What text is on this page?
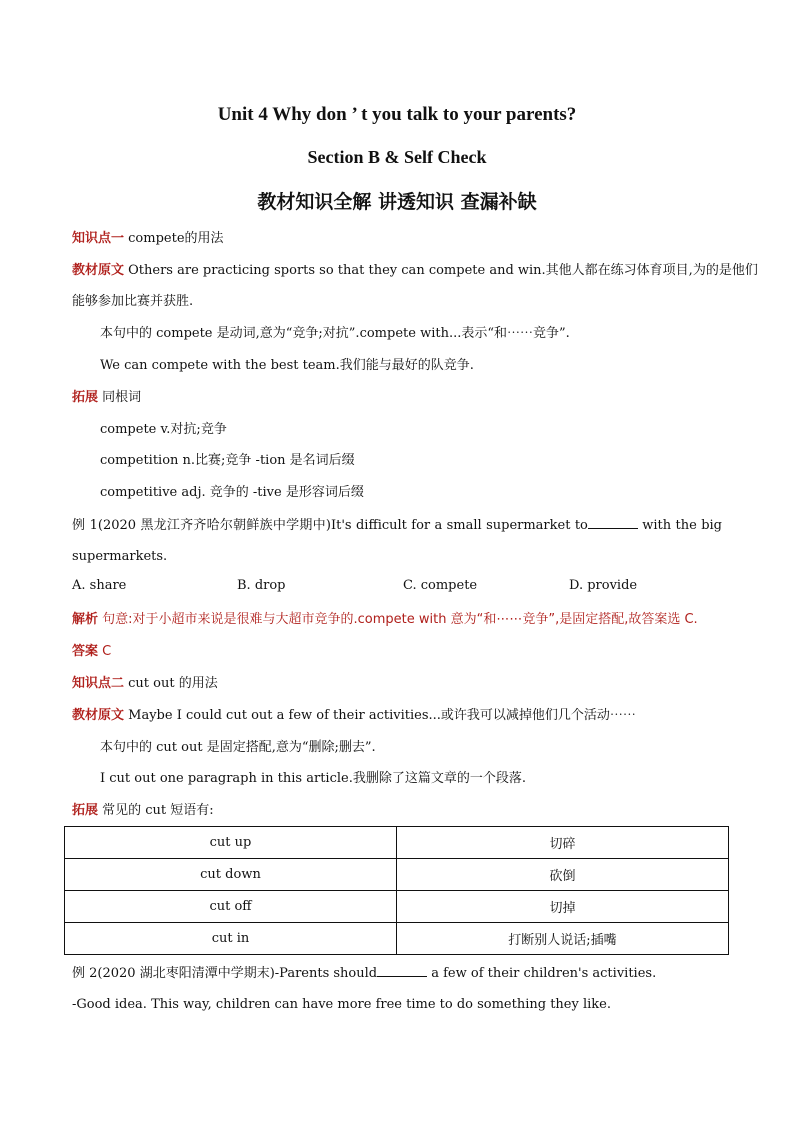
Unit 4 Why don ’ t you talk to your parents?
Section B & Self Check
教材知识全解 讲透知识 查漏补缺
知识点一 compete的用法
教材原文 Others are practicing sports so that they can compete and win.其他人都在练习体育项目,为的是他们
能够参加比赛并获胜.
本句中的 compete 是动词,意为“竞争;对抗”.compete with...表示“和⋯⋯竞争”.
We can compete with the best team.我们能与最好的队竞争.
拓展 同根词
compete v.对抗;竞争
competition n.比赛;竞争 -tion 是名词后缀
competitive adj. 竞争的 -tive 是形容词后缀
例 1(2020 黑龙江齐齐哈尔朝鲜族中学期中)It's difficult for a small supermarket to	with the big
supermarkets.
A. share	B. drop	C. compete	D. provide
解析 句意:对于小超市来说是很难与大超市竞争的.compete with 意为“和⋯⋯竞争”,是固定搭配,故答案选 C.
答案 C
知识点二 cut out 的用法
教材原文 Maybe I could cut out a few of their activities...或许我可以减掉他们几个活动⋯⋯
本句中的 cut out 是固定搭配,意为“删除;删去”.
I cut out one paragraph in this article.我删除了这篇文章的一个段落.
拓展 常见的 cut 短语有:
cut up	切碎
cut down	砍倒
cut off	切掉
cut in	打断别人说话;插嘴
例 2(2020 湖北枣阳清潭中学期末)-Parents should	a few of their children's activities.
-Good idea. This way, children can have more free time to do something they like.
